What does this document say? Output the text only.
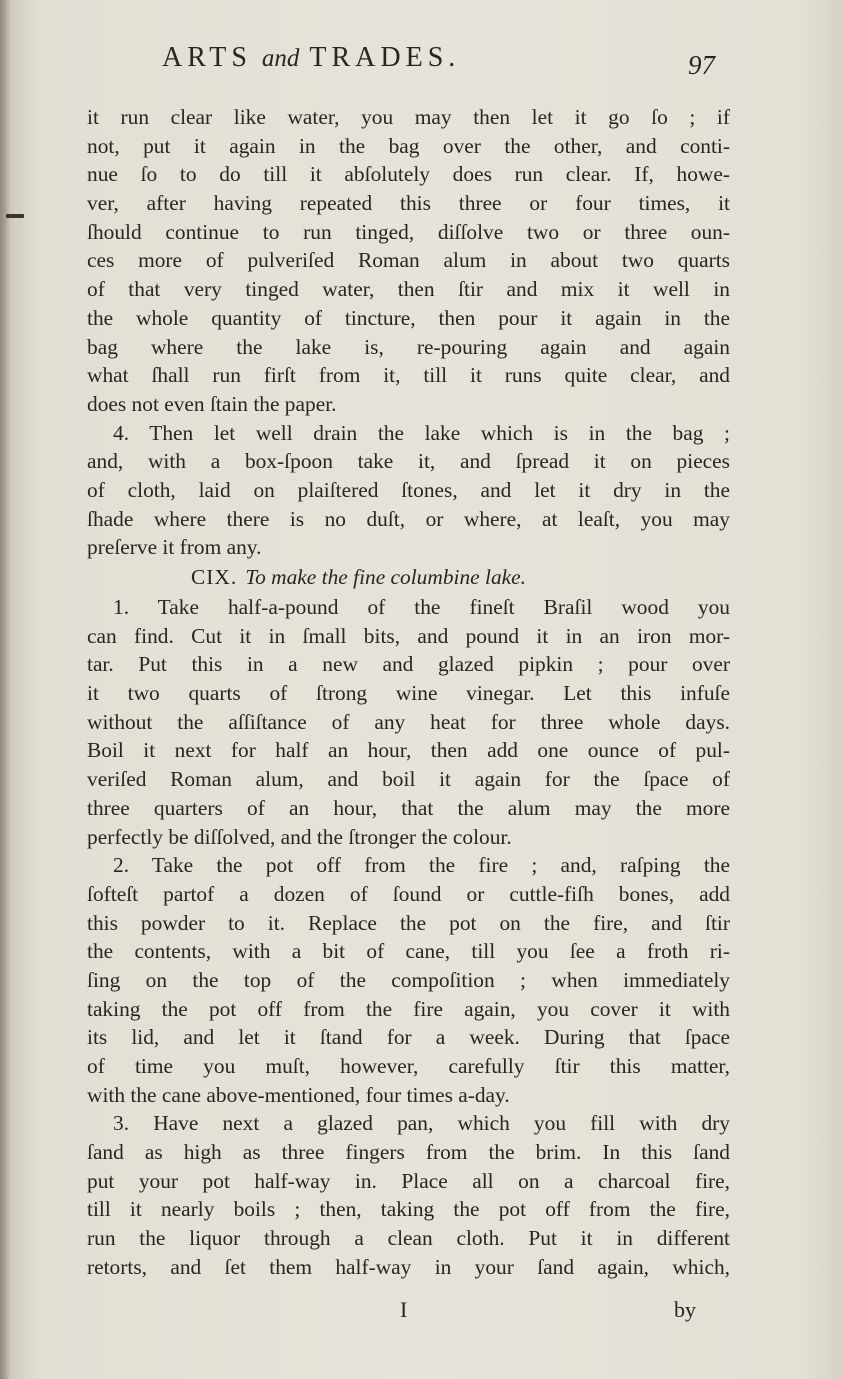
ARTS and TRADES.	97
it run clear like water, you may then let it go ſo ; if
not, put it again in the bag over the other, and conti-
nue ſo to do till it abſolutely does run clear. If, howe-
ver, after having repeated this three or four times, it
ſhould continue to run tinged, diſſolve two or three oun-
ces more of pulveriſed Roman alum in about two quarts
of that very tinged water, then ſtir and mix it well in
the whole quantity of tincture, then pour it again in the
bag where the lake is, re-pouring again and again
what ſhall run firſt from it, till it runs quite clear, and
does not even ſtain the paper.
4. Then let well drain the lake which is in the bag ;
and, with a box-ſpoon take it, and ſpread it on pieces
of cloth, laid on plaiſtered ſtones, and let it dry in the
ſhade where there is no duſt, or where, at leaſt, you may
preſerve it from any.
CIX. To make the fine columbine lake.
1. Take half-a-pound of the fineſt Braſil wood you
can find. Cut it in ſmall bits, and pound it in an iron mor-
tar. Put this in a new and glazed pipkin ; pour over
it two quarts of ſtrong wine vinegar. Let this infuſe
without the aſſiſtance of any heat for three whole days.
Boil it next for half an hour, then add one ounce of pul-
veriſed Roman alum, and boil it again for the ſpace of
three quarters of an hour, that the alum may the more
perfectly be diſſolved, and the ſtronger the colour.
2. Take the pot off from the fire ; and, raſping the
ſofteſt partof a dozen of ſound or cuttle-fiſh bones, add
this powder to it. Replace the pot on the fire, and ſtir
the contents, with a bit of cane, till you ſee a froth ri-
ſing on the top of the compoſition ; when immediately
taking the pot off from the fire again, you cover it with
its lid, and let it ſtand for a week. During that ſpace
of time you muſt, however, carefully ſtir this matter,
with the cane above-mentioned, four times a-day.
3. Have next a glazed pan, which you fill with dry
ſand as high as three fingers from the brim. In this ſand
put your pot half-way in. Place all on a charcoal fire,
till it nearly boils ; then, taking the pot off from the fire,
run the liquor through a clean cloth. Put it in different
retorts, and ſet them half-way in your ſand again, which,
I	by
